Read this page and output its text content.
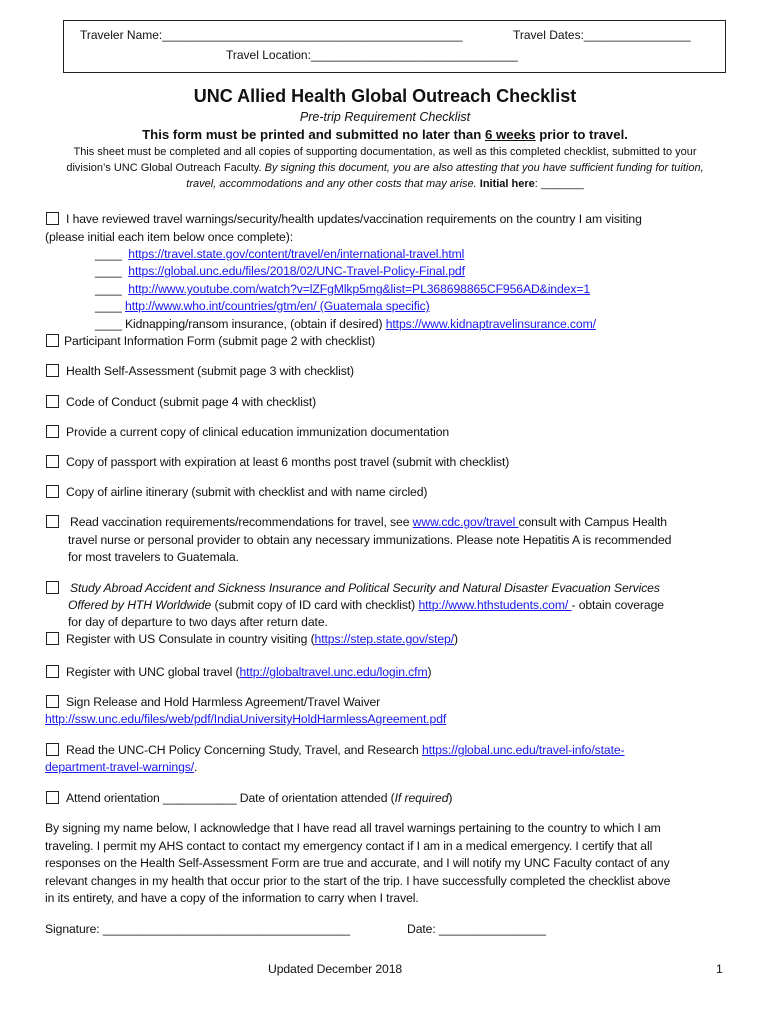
Traveler Name:_____________________________________________	Travel Dates:________________
Travel Location:_______________________________
UNC Allied Health Global Outreach Checklist
Pre-trip Requirement Checklist
This form must be printed and submitted no later than 6 weeks prior to travel.
This sheet must be completed and all copies of supporting documentation, as well as this completed checklist, submitted to your
division’s UNC Global Outreach Faculty. By signing this document, you are also attesting that you have sufficient funding for tuition,
travel, accommodations and any other costs that may arise. Initial here: _______
I have reviewed travel warnings/security/health updates/vaccination requirements on the country I am visiting
(please initial each item below once complete):
____ https://travel.state.gov/content/travel/en/international-travel.html
____ https://global.unc.edu/files/2018/02/UNC-Travel-Policy-Final.pdf
____ http://www.youtube.com/watch?v=lZFgMlkp5mg&list=PL368698865CF956AD&index=1
____ http://www.who.int/countries/gtm/en/ (Guatemala specific)
____ Kidnapping/ransom insurance, (obtain if desired) https://www.kidnaptravelinsurance.com/
Participant Information Form (submit page 2 with checklist)
Health Self-Assessment (submit page 3 with checklist)
Code of Conduct (submit page 4 with checklist)
Provide a current copy of clinical education immunization documentation
Copy of passport with expiration at least 6 months post travel (submit with checklist)
Copy of airline itinerary (submit with checklist and with name circled)
Read vaccination requirements/recommendations for travel, see www.cdc.gov/travel consult with Campus Health
travel nurse or personal provider to obtain any necessary immunizations. Please note Hepatitis A is recommended
for most travelers to Guatemala.
Study Abroad Accident and Sickness Insurance and Political Security and Natural Disaster Evacuation Services
Offered by HTH Worldwide (submit copy of ID card with checklist) http://www.hthstudents.com/ - obtain coverage
for day of departure to two days after return date.
Register with US Consulate in country visiting (https://step.state.gov/step/)
Register with UNC global travel (http://globaltravel.unc.edu/login.cfm)
Sign Release and Hold Harmless Agreement/Travel Waiver
http://ssw.unc.edu/files/web/pdf/IndiaUniversityHoldHarmlessAgreement.pdf
Read the UNC-CH Policy Concerning Study, Travel, and Research https://global.unc.edu/travel-info/state-
department-travel-warnings/.
Attend orientation ___________ Date of orientation attended (If required)
By signing my name below, I acknowledge that I have read all travel warnings pertaining to the country to which I am
traveling. I permit my AHS contact to contact my emergency contact if I am in a medical emergency. I certify that all
responses on the Health Self-Assessment Form are true and accurate, and I will notify my UNC Faculty contact of any
relevant changes in my health that occur prior to the start of the trip. I have successfully completed the checklist above
in its entirety, and have a copy of the information to carry when I travel.
Signature: _____________________________________	Date: ________________
Updated December 2018	1
